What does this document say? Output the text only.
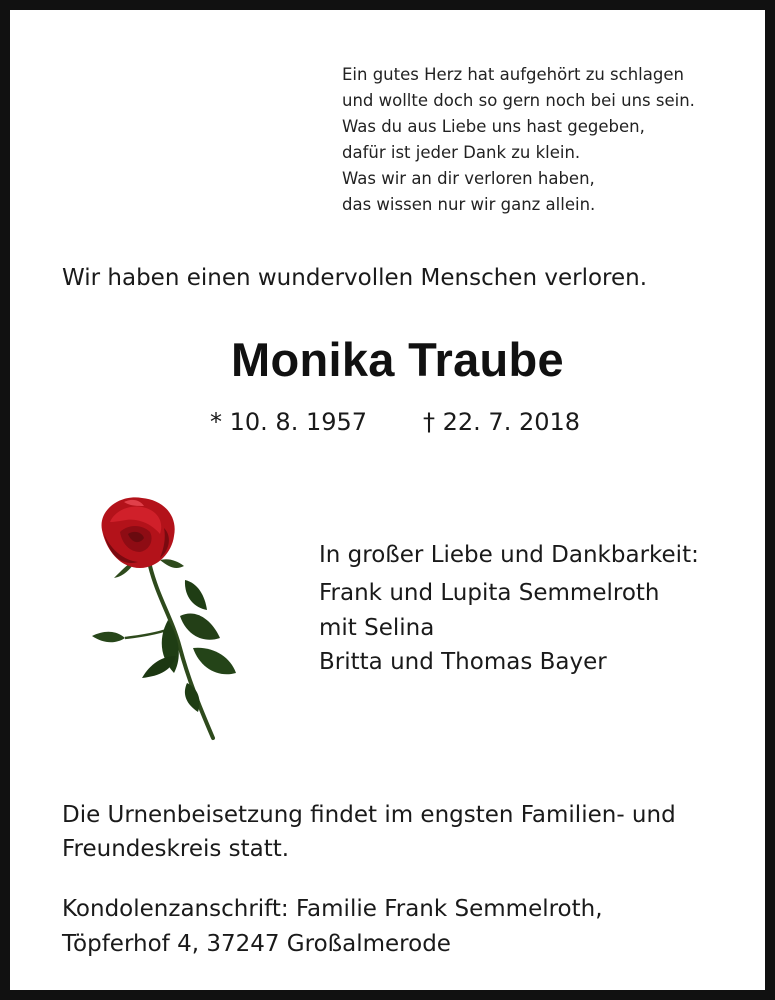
Ein gutes Herz hat aufgehört zu schlagen
und wollte doch so gern noch bei uns sein.
Was du aus Liebe uns hast gegeben,
dafür ist jeder Dank zu klein.
Was wir an dir verloren haben,
das wissen nur wir ganz allein.
Wir haben einen wundervollen Menschen verloren.
Monika Traube
* 10. 8. 1957 † 22. 7. 2018
In großer Liebe und Dankbarkeit:
Frank und Lupita Semmelroth
mit Selina
Britta und Thomas Bayer
Die Urnenbeisetzung findet im engsten Familien- und
Freundeskreis statt.
Kondolenzanschrift: Familie Frank Semmelroth,
Töpferhof 4, 37247 Großalmerode
